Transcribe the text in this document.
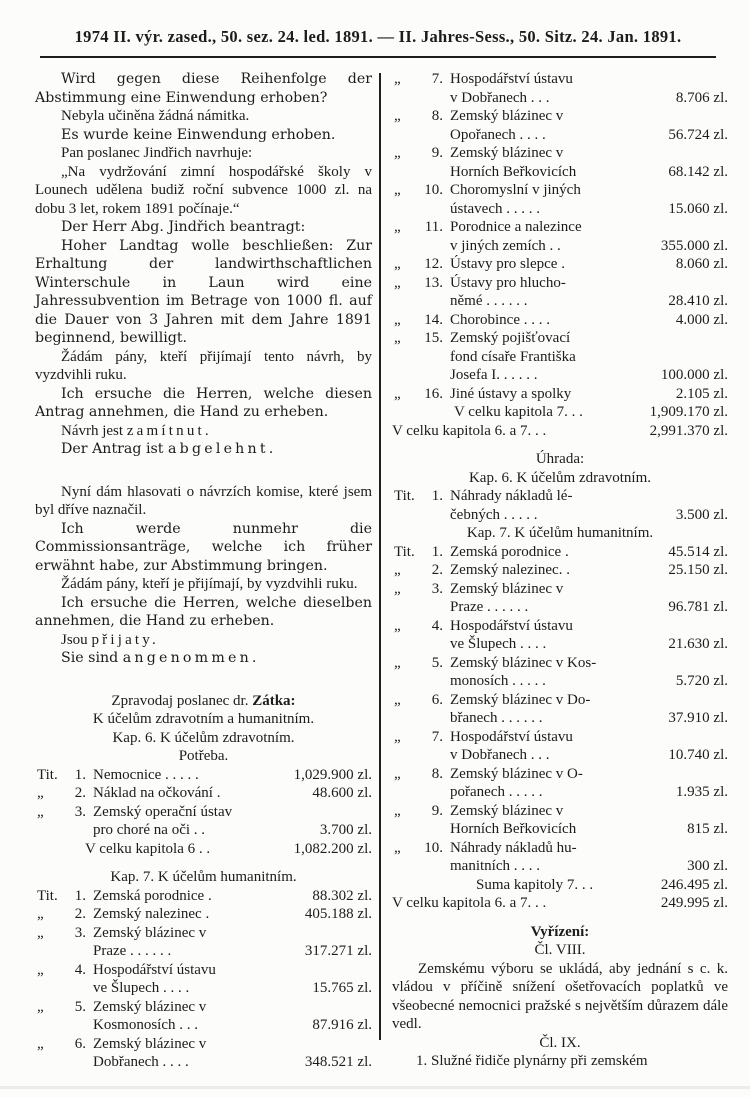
1974 II. výr. zased., 50. sez. 24. led. 1891. — II. Jahres-Sess., 50. Sitz. 24. Jan. 1891.

Wird gegen diese Reihenfolge der Abstimmung eine Einwendung erhoben?

Nebyla učiněna žádná námitka.

Es wurde keine Einwendung erhoben.

Pan poslanec Jindřich navrhuje:

„Na vydržování zimní hospodářské školy v Lounech udělena budiž roční subvence 1000 zl. na dobu 3 let, rokem 1891 počínaje.“

Der Herr Abg. Jindřich beantragt:

Hoher Landtag wolle beschließen: Zur Erhaltung der landwirthschaftlichen Winterschule in Laun wird eine Jahressubvention im Betrage von 1000 fl. auf die Dauer von 3 Jahren mit dem Jahre 1891 beginnend, bewilligt.

Žádám pány, kteří přijímají tento návrh, by vyzdvihli ruku.

Ich ersuche die Herren, welche diesen Antrag annehmen, die Hand zu erheben.

Návrh jest zamítnut.

Der Antrag ist abgelehnt.

Nyní dám hlasovati o návrzích komise, které jsem byl dříve naznačil.

Ich werde nunmehr die Commissionsanträge, welche ich früher erwähnt habe, zur Abstimmung bringen.

Žádám pány, kteří je přijímají, by vyzdvihli ruku.

Ich ersuche die Herren, welche dieselben annehmen, die Hand zu erheben.

Jsou přijaty.

Sie sind angenommen.

Zpravodaj poslanec dr. Zátka:
K účelům zdravotním a humanitním.
Kap. 6. K účelům zdravotním.
Potřeba.
Tit.	1. Nemocnice . . . . .	1,029.900 zl.
„	2. Náklad na očkování .	48.600 zl.
„	3. Zemský operační ústav
pro choré na oči . .	3.700 zl.
V celku kapitola 6 . .	1,082.200 zl.
Kap. 7. K účelům humanitním.
Tit.	1. Zemská porodnice .	88.302 zl.
„	2. Zemský nalezinec .	405.188 zl.
„	3. Zemský blázinec v
Praze . . . . . .	317.271 zl.
„	4. Hospodářství ústavu
ve Šlupech . . . .	15.765 zl.
„	5. Zemský blázinec v
Kosmonosích . . .	87.916 zl.
„	6. Zemský blázinec v
Dobřanech . . . .	348.521 zl.
„	7. Hospodářství ústavu
v Dobřanech . . .	8.706 zl.
„	8. Zemský blázinec v
Opořanech . . . .	56.724 zl.
„	9. Zemský blázinec v
Horních Beřkovicích	68.142 zl.
„	10. Choromyslní v jiných
ústavech . . . . .	15.060 zl.
„	11. Porodnice a nalezince
v jiných zemích . .	355.000 zl.
„	12. Ústavy pro slepce .	8.060 zl.
„	13. Ústavy pro hlucho-
němé . . . . . .	28.410 zl.
„	14. Chorobince . . . .	4.000 zl.
„	15. Zemský pojišťovací
fond císaře Františka
Josefa I. . . . . .	100.000 zl.
„	16. Jiné ústavy a spolky	2.105 zl.
V celku kapitola 7. . .	1,909.170 zl.
V celku kapitola 6. a 7. . .	2,991.370 zl.
Úhrada:
Kap. 6. K účelům zdravotním.
Tit.	1. Náhrady nákladů lé-
čebných . . . . .	3.500 zl.
Kap. 7. K účelům humanitním.
Tit.	1. Zemská porodnice .	45.514 zl.
„	2. Zemský nalezinec. .	25.150 zl.
„	3. Zemský blázinec v
Praze . . . . . .	96.781 zl.
„	4. Hospodářství ústavu
ve Šlupech . . . .	21.630 zl.
„	5. Zemský blázinec v Kos-
monosích . . . . .	5.720 zl.
„	6. Zemský blázinec v Do-
břanech . . . . . .	37.910 zl.
„	7. Hospodářství ústavu
v Dobřanech . . .	10.740 zl.
„	8. Zemský blázinec v O-
pořanech . . . . .	1.935 zl.
„	9. Zemský blázinec v
Horních Beřkovicích	815 zl.
„	10. Náhrady nákladů hu-
manitních . . . .	300 zl.
Suma kapitoly 7. . .	246.495 zl.
V celku kapitola 6. a 7. . .	249.995 zl.
Vyřízení:
Čl. VIII.

Zemskému výboru se ukládá, aby jednání s c. k. vládou v příčině snížení ošetřovacích poplatků ve všeobecné nemocnici pražské s největším důrazem dále vedl.

Čl. IX.

1. Služné řidiče plynárny při zemském
